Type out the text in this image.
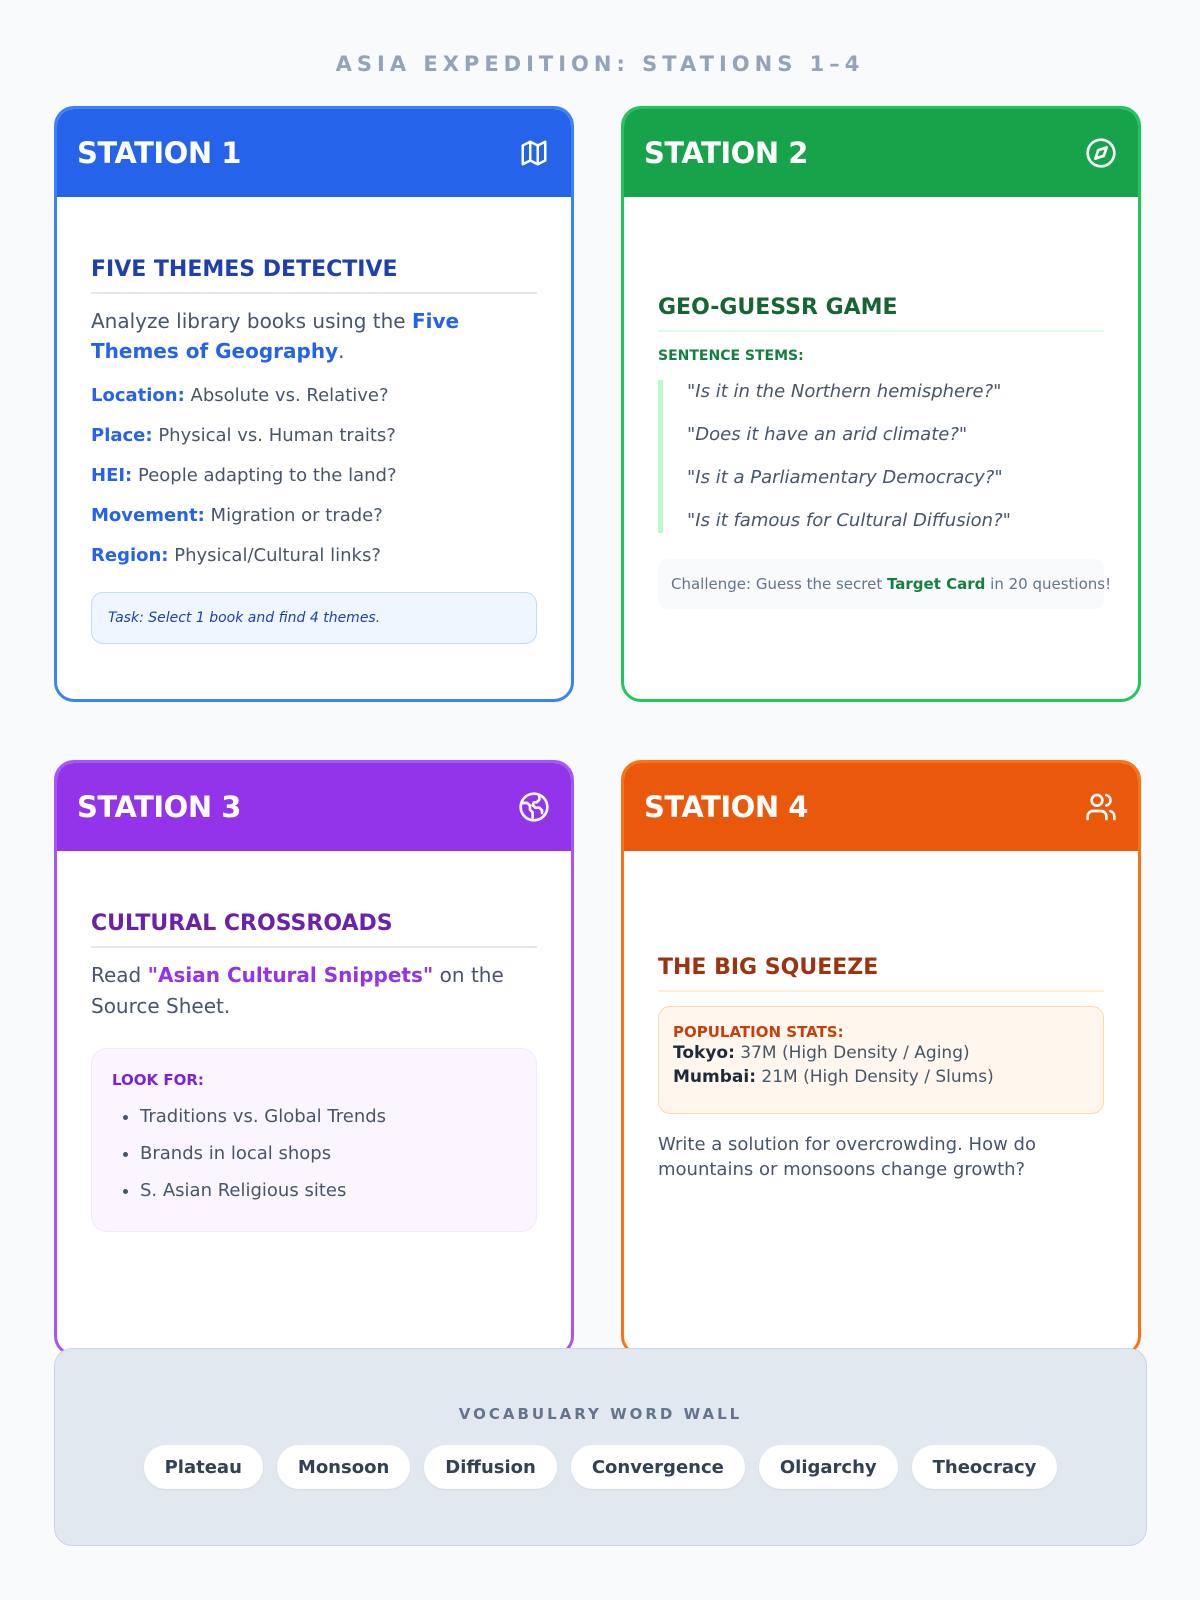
ASIA EXPEDITION: STATIONS 1–4
STATION 1
FIVE THEMES DETECTIVE
Analyze library books using the Five Themes of Geography.
Location: Absolute vs. Relative?
Place: Physical vs. Human traits?
HEI: People adapting to the land?
Movement: Migration or trade?
Region: Physical/Cultural links?
Task: Select 1 book and find 4 themes.
STATION 2
GEO-GUESSR GAME
SENTENCE STEMS:
"Is it in the Northern hemisphere?"
"Does it have an arid climate?"
"Is it a Parliamentary Democracy?"
"Is it famous for Cultural Diffusion?"
Challenge: Guess the secret
Target Card
in 20 questions!
STATION 3
CULTURAL CROSSROADS
Read "Asian Cultural Snippets" on the Source Sheet.
LOOK FOR:
• Traditions vs. Global Trends
• Brands in local shops
• S. Asian Religious sites
STATION 4
THE BIG SQUEEZE
POPULATION STATS:
Tokyo: 37M (High Density / Aging)
Mumbai: 21M (High Density / Slums)
Write a solution for overcrowding. How do mountains or monsoons change growth?
VOCABULARY WORD WALL
Plateau	Monsoon	Diffusion	Convergence	Oligarchy	Theocracy
